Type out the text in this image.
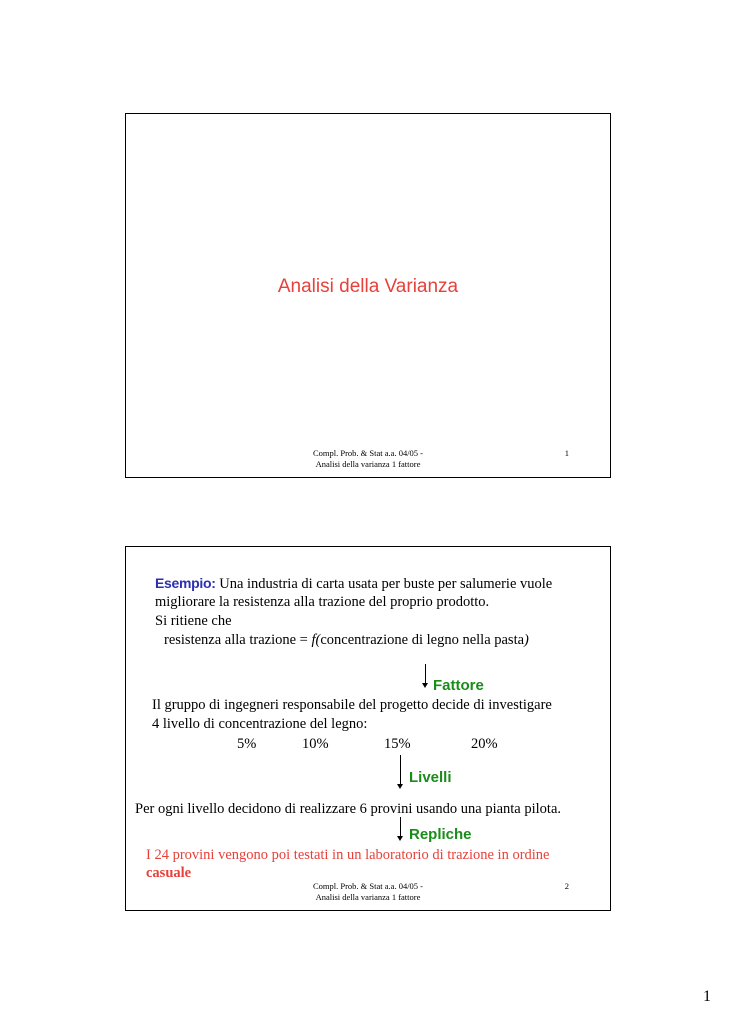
Analisi della Varianza
Compl. Prob. & Stat a.a. 04/05 -
Analisi della varianza 1 fattore
1
Esempio: Una industria di carta usata per buste per salumerie vuole
migliorare la resistenza alla trazione del proprio prodotto.
Si ritiene che
resistenza alla trazione = f(concentrazione di legno nella pasta)
Fattore
Il gruppo di ingegneri responsabile del progetto decide di investigare
4 livello di concentrazione del legno:
5%	10%	15%	20%
Livelli
Per ogni livello decidono di realizzare 6 provini usando una pianta pilota.
Repliche
I 24 provini vengono poi testati in un laboratorio di trazione in ordine
casuale
Compl. Prob. & Stat a.a. 04/05 -
Analisi della varianza 1 fattore
2
1
